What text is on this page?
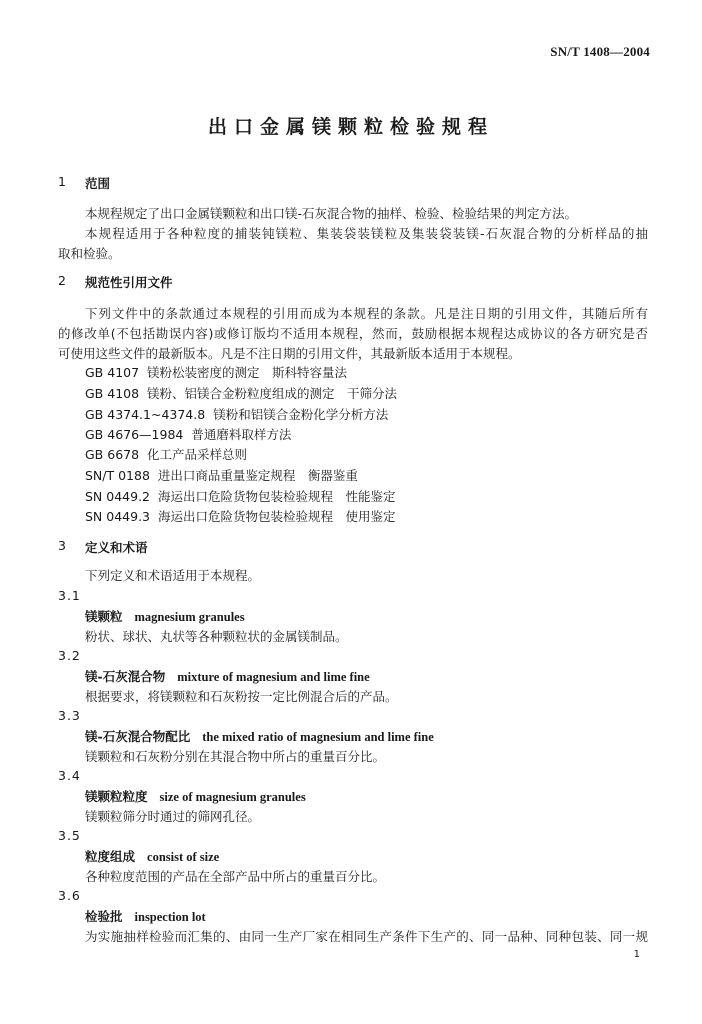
SN/T 1408—2004
出口金属镁颗粒检验规程
1 范围
本规程规定了出口金属镁颗粒和出口镁-石灰混合物的抽样、检验、检验结果的判定方法。
本规程适用于各种粒度的捕装钝镁粒、集装袋装镁粒及集装袋装镁-石灰混合物的分析样品的抽
取和检验。
2 规范性引用文件
下列文件中的条款通过本规程的引用而成为本规程的条款。凡是注日期的引用文件，其随后所有
的修改单(不包括勘误内容)或修订版均不适用本规程，然而，鼓励根据本规程达成协议的各方研究是否
可使用这些文件的最新版本。凡是不注日期的引用文件，其最新版本适用于本规程。
GB 4107 镁粉松装密度的测定　斯科特容量法
GB 4108 镁粉、铝镁合金粉粒度组成的测定　干筛分法
GB 4374.1~4374.8 镁粉和铝镁合金粉化学分析方法
GB 4676—1984 普通磨料取样方法
GB 6678 化工产品采样总则
SN/T 0188 进出口商品重量鉴定规程　衡器鉴重
SN 0449.2 海运出口危险货物包装检验规程　性能鉴定
SN 0449.3 海运出口危险货物包装检验规程　使用鉴定
3 定义和术语
下列定义和术语适用于本规程。
3.1
镁颗粒 magnesium granules
粉状、球状、丸状等各种颗粒状的金属镁制品。
3.2
镁-石灰混合物 mixture of magnesium and lime fine
根据要求，将镁颗粒和石灰粉按一定比例混合后的产品。
3.3
镁-石灰混合物配比 the mixed ratio of magnesium and lime fine
镁颗粒和石灰粉分别在其混合物中所占的重量百分比。
3.4
镁颗粒粒度 size of magnesium granules
镁颗粒筛分时通过的筛网孔径。
3.5
粒度组成 consist of size
各种粒度范围的产品在全部产品中所占的重量百分比。
3.6
检验批 inspection lot
为实施抽样检验而汇集的、由同一生产厂家在相同生产条件下生产的、同一品种、同种包装、同一规
1
